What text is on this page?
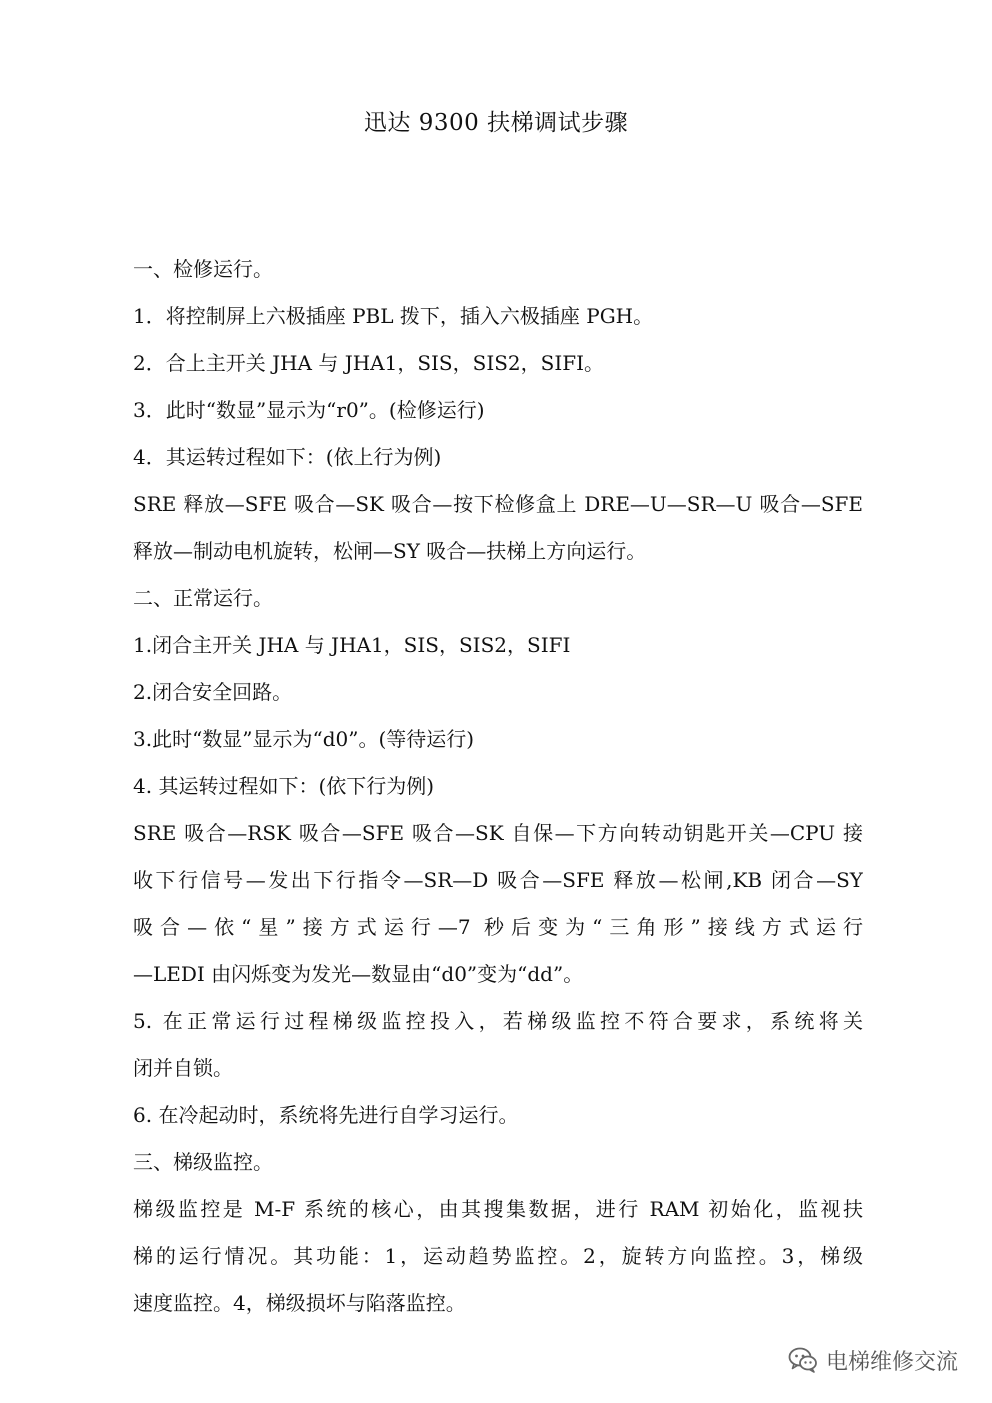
迅达 9300 扶梯调试步骤
一、检修运行。
1．将控制屏上六极插座 PBL 拨下，插入六极插座 PGH。
2．合上主开关 JHA 与 JHA1，SIS，SIS2，SIFI。
3．此时“数显”显示为“r0”。(检修运行)
4．其运转过程如下：(依上行为例)
SRE 释放—SFE 吸合—SK 吸合—按下检修盒上 DRE—U—SR—U 吸合—SFE
释放—制动电机旋转，松闸—SY 吸合—扶梯上方向运行。
二、正常运行。
1.闭合主开关 JHA 与 JHA1，SIS，SIS2，SIFI
2.闭合安全回路。
3.此时“数显”显示为“d0”。(等待运行)
4. 其运转过程如下：(依下行为例)
SRE 吸合—RSK 吸合—SFE 吸合—SK 自保—下方向转动钥匙开关—CPU 接
收下行信号—发出下行指令—SR—D 吸合—SFE 释放—松闸,KB 闭合—SY
吸合—依“星”接方式运行—7 秒后变为“三角形”接线方式运行
—LEDI 由闪烁变为发光—数显由“d0”变为“dd”。
5. 在正常运行过程梯级监控投入，若梯级监控不符合要求，系统将关
闭并自锁。
6. 在冷起动时，系统将先进行自学习运行。
三、梯级监控。
梯级监控是 M-F 系统的核心，由其搜集数据，进行 RAM 初始化，监视扶
梯的运行情况。其功能：1，运动趋势监控。2，旋转方向监控。3，梯级
速度监控。4，梯级损坏与陷落监控。
电梯维修交流
